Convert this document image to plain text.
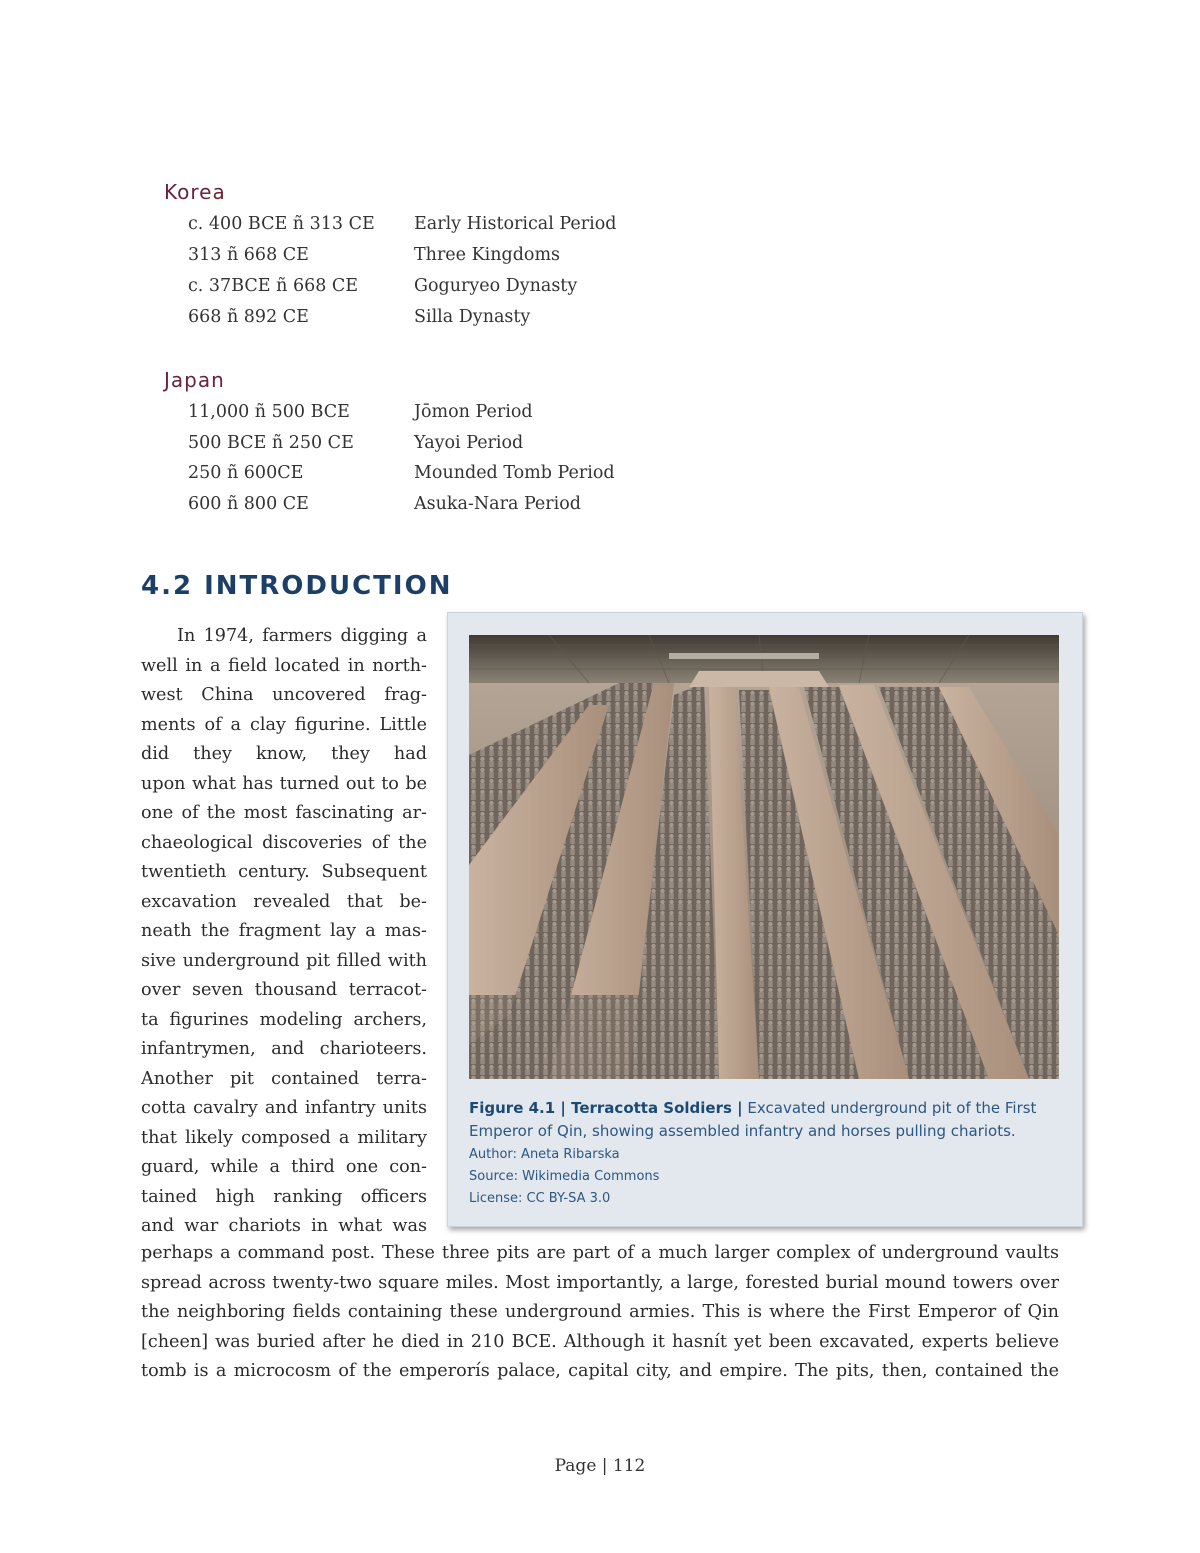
Korea
c. 400 BCE ñ 313 CE Early Historical Period
313 ñ 668 CE	Three Kingdoms
c. 37BCE ñ 668 CE	Goguryeo Dynasty
668 ñ 892 CE	Silla Dynasty
Japan
11,000 ñ 500 BCE	Jōmon Period
500 BCE ñ 250 CE	Yayoi Period
250 ñ 600CE	Mounded Tomb Period
600 ñ 800 CE	Asuka-Nara Period
4.2 INTRODUCTION
In 1974, farmers digging a
well in a field located in north-
west China uncovered frag-
ments of a clay figurine. Little
did they know, they had
upon what has turned out to be
one of the most fascinating ar-
chaeological discoveries of the
twentieth century. Subsequent
excavation revealed that be-
neath the fragment lay a mas-
sive underground pit filled with
over seven thousand terracot-
ta figurines modeling archers,
infantrymen, and charioteers.
Another pit contained terra-
cotta cavalry and infantry units
that likely composed a military
guard, while a third one con-
tained high ranking officers
and war chariots in what was
Figure 4.1 | Terracotta Soldiers | Excavated underground pit of the First Emperor of Qin, showing assembled infantry and horses pulling chariots.
Author: Aneta Ribarska
Source: Wikimedia Commons
License: CC BY-SA 3.0
perhaps a command post. These three pits are part of a much larger complex of underground vaults
spread across twenty-two square miles. Most importantly, a large, forested burial mound towers over
the neighboring fields containing these underground armies. This is where the First Emperor of Qin
[cheen] was buried after he died in 210 BCE. Although it hasnít yet been excavated, experts believe
tomb is a microcosm of the emperorís palace, capital city, and empire. The pits, then, contained the
Page | 112
